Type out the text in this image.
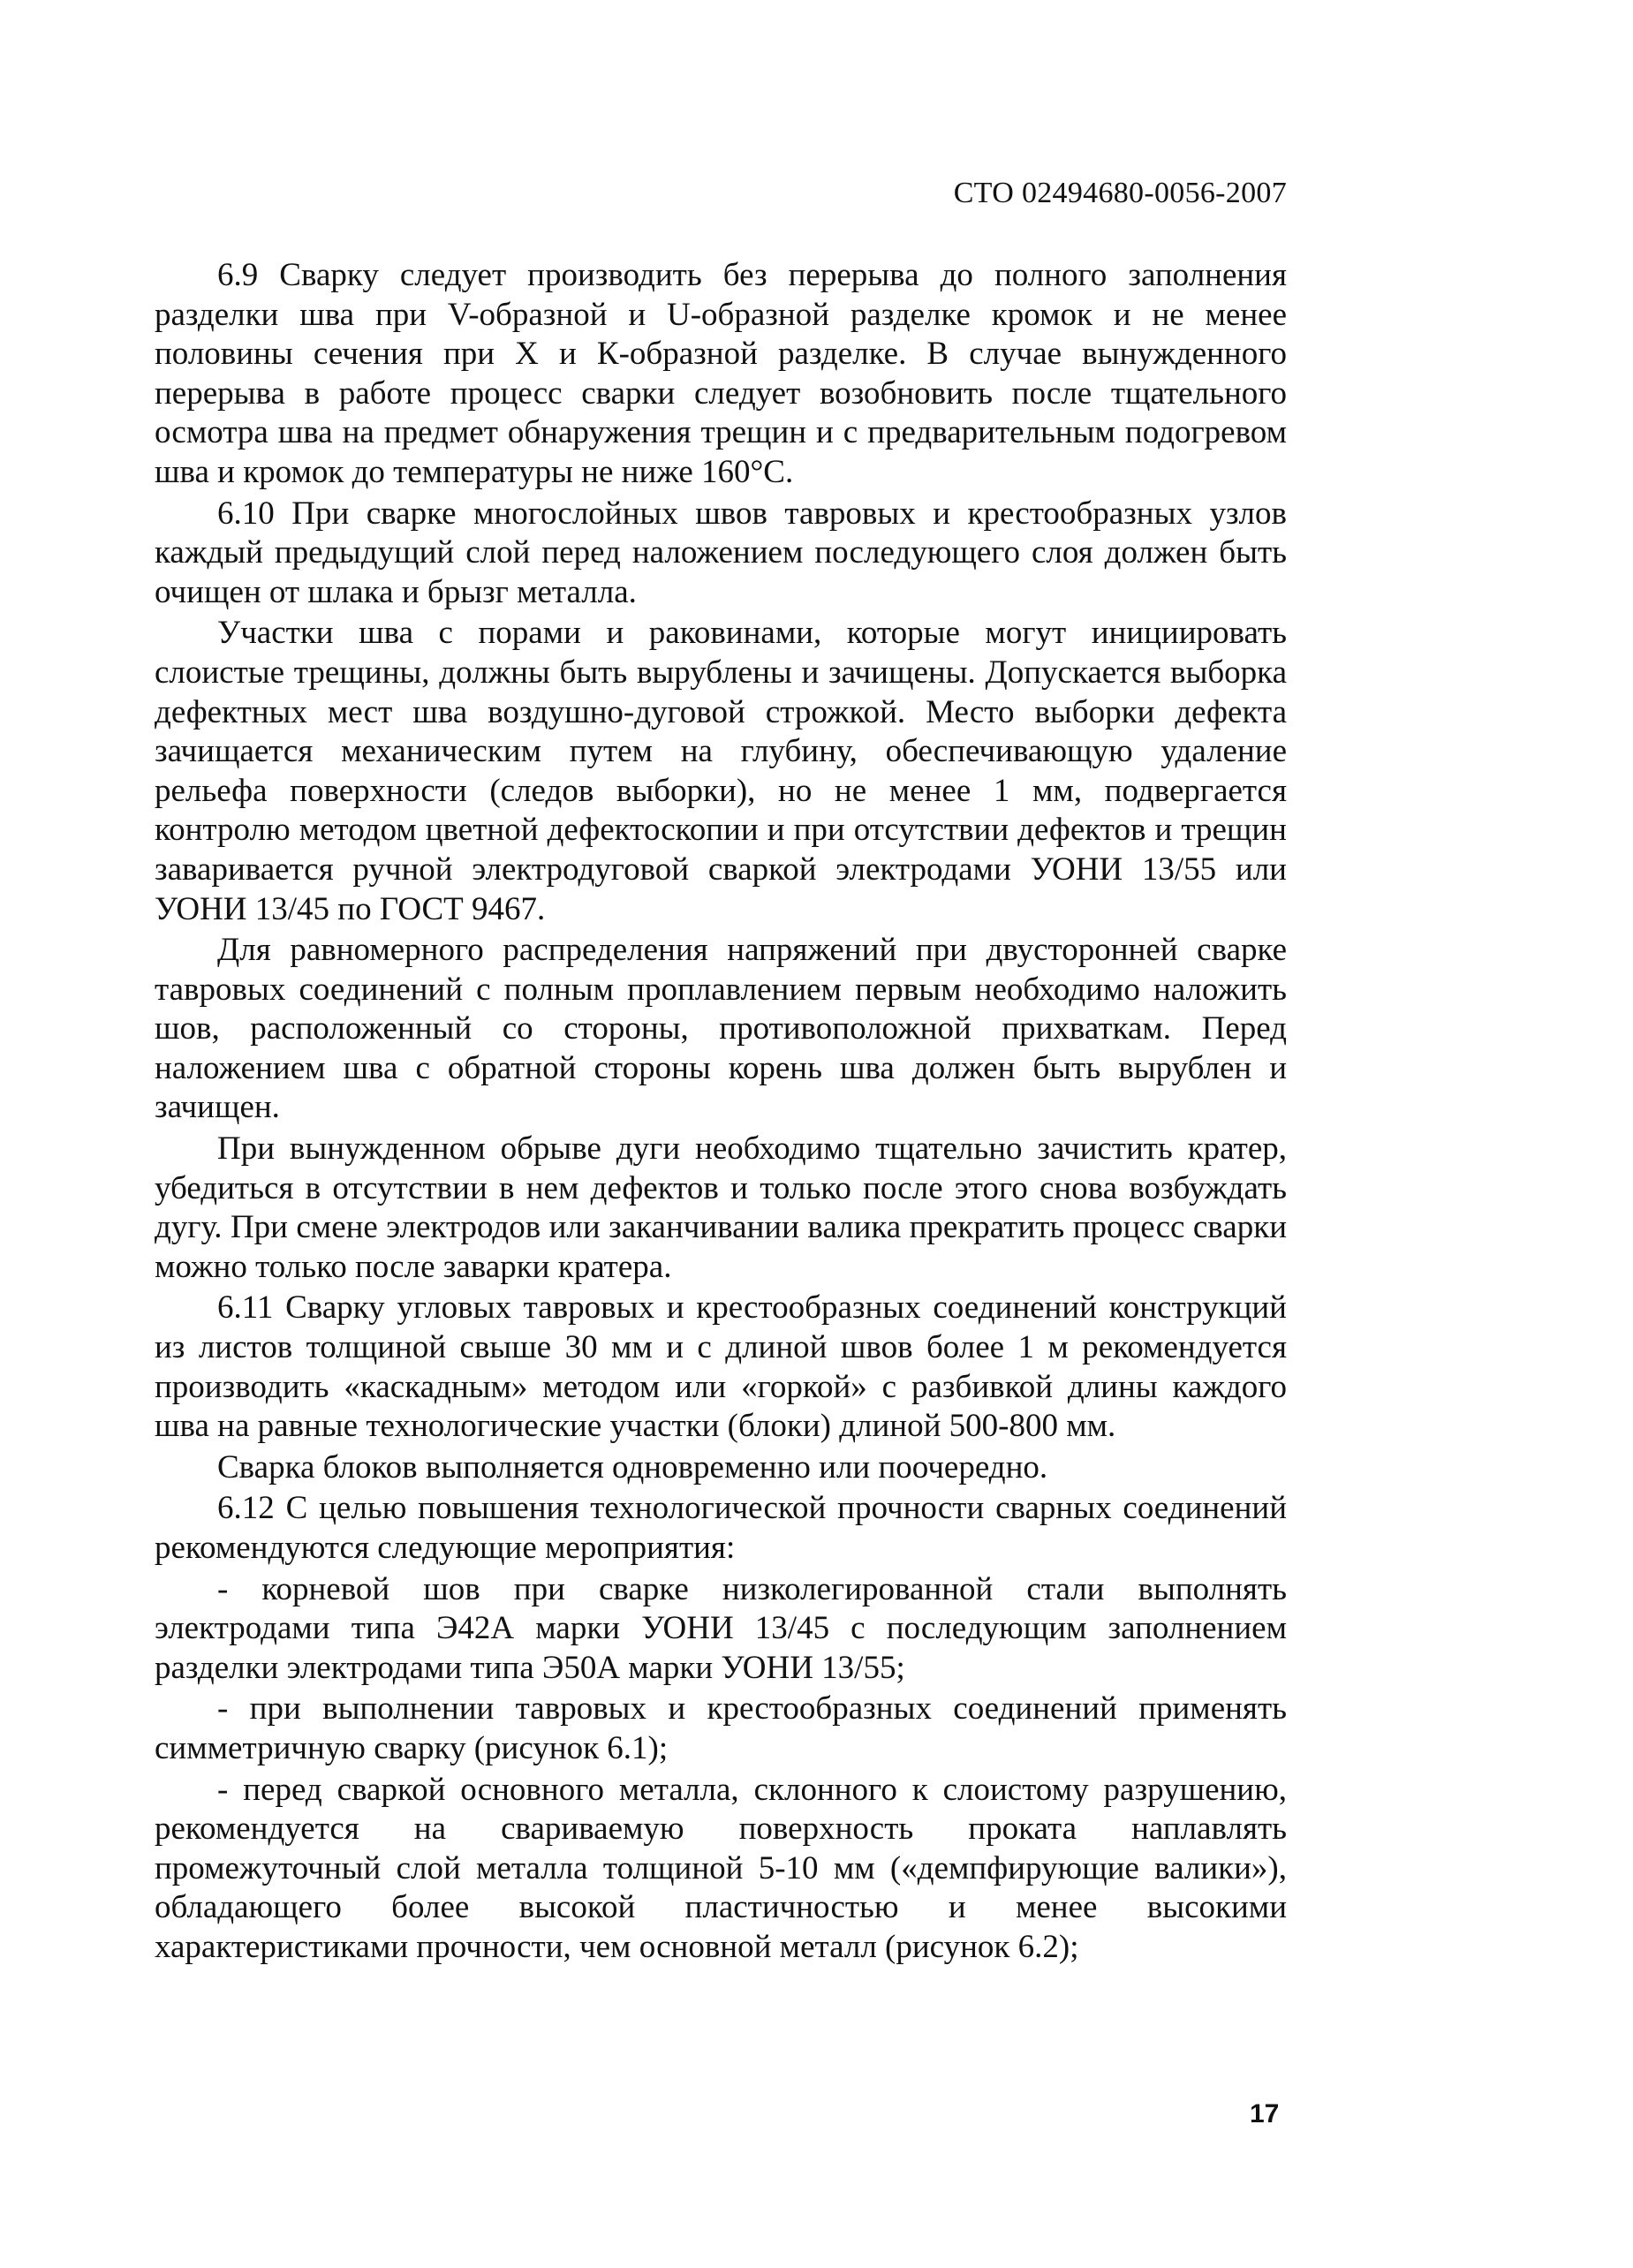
СТО 02494680-0056-2007

6.9 Сварку следует производить без перерыва до полного заполнения разделки шва при V-образной и U-образной разделке кромок и не менее половины сечения при X и К-образной разделке. В случае вынужденного перерыва в работе процесс сварки следует возобновить после тщательного осмотра шва на предмет обнаружения трещин и с предварительным подогревом шва и кромок до температуры не ниже 160°С.

6.10 При сварке многослойных швов тавровых и крестообразных узлов каждый предыдущий слой перед наложением последующего слоя должен быть очищен от шлака и брызг металла.

Участки шва с порами и раковинами, которые могут инициировать слоистые трещины, должны быть вырублены и зачищены. Допускается выборка дефектных мест шва воздушно-дуговой строжкой. Место выборки дефекта зачищается механическим путем на глубину, обеспечивающую удаление рельефа поверхности (следов выборки), но не менее 1 мм, подвергается контролю методом цветной дефектоскопии и при отсутствии дефектов и трещин заваривается ручной электродуговой сваркой электродами УОНИ 13/55 или УОНИ 13/45 по ГОСТ 9467.

Для равномерного распределения напряжений при двусторонней сварке тавровых соединений с полным проплавлением первым необходимо наложить шов, расположенный со стороны, противоположной прихваткам. Перед наложением шва с обратной стороны корень шва должен быть вырублен и зачищен.

При вынужденном обрыве дуги необходимо тщательно зачистить кратер, убедиться в отсутствии в нем дефектов и только после этого снова возбуждать дугу. При смене электродов или заканчивании валика прекратить процесс сварки можно только после заварки кратера.

6.11 Сварку угловых тавровых и крестообразных соединений конструкций из листов толщиной свыше 30 мм и с длиной швов более 1 м рекомендуется производить «каскадным» методом или «горкой» с разбивкой длины каждого шва на равные технологические участки (блоки) длиной 500-800 мм.

Сварка блоков выполняется одновременно или поочередно.

6.12 С целью повышения технологической прочности сварных соединений рекомендуются следующие мероприятия:

- корневой шов при сварке низколегированной стали выполнять электродами типа Э42А марки УОНИ 13/45 с последующим заполнением разделки электродами типа Э50А марки УОНИ 13/55;

- при выполнении тавровых и крестообразных соединений применять симметричную сварку (рисунок 6.1);

- перед сваркой основного металла, склонного к слоистому разрушению, рекомендуется на свариваемую поверхность проката наплавлять промежуточный слой металла толщиной 5-10 мм («демпфирующие валики»), обладающего более высокой пластичностью и менее высокими характеристиками прочности, чем основной металл (рисунок 6.2);

17
